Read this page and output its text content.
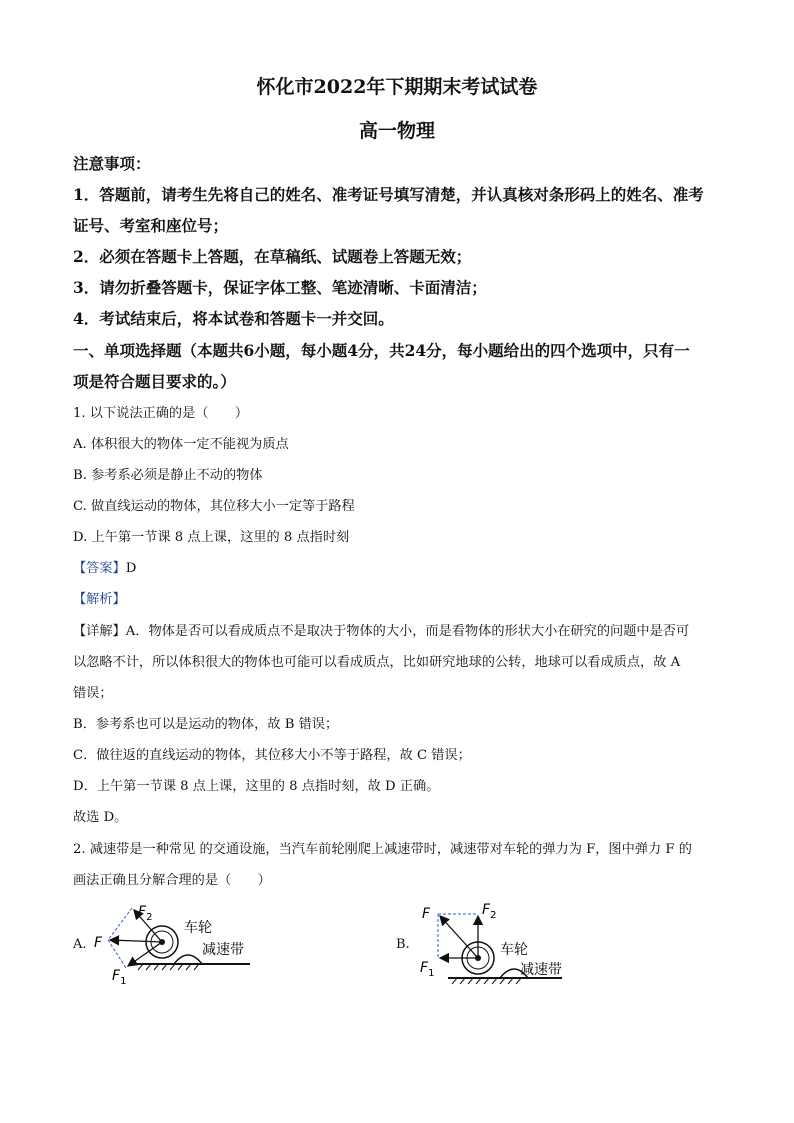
怀化市2022年下期期末考试试卷
高一物理
注意事项：
1．答题前，请考生先将自己的姓名、准考证号填写清楚，并认真核对条形码上的姓名、准考
证号、考室和座位号；
2．必须在答题卡上答题，在草稿纸、试题卷上答题无效；
3．请勿折叠答题卡，保证字体工整、笔迹清晰、卡面清洁；
4．考试结束后，将本试卷和答题卡一并交回。
一、单项选择题（本题共6小题，每小题4分，共24分，每小题给出的四个选项中，只有一
项是符合题目要求的。）
1. 以下说法正确的是（　　）
A. 体积很大的物体一定不能视为质点
B. 参考系必须是静止不动的物体
C. 做直线运动的物体，其位移大小一定等于路程
D. 上午第一节课 8 点上课，这里的 8 点指时刻
【答案】D
【解析】
【详解】A．物体是否可以看成质点不是取决于物体的大小，而是看物体的形状大小在研究的问题中是否可
以忽略不计，所以体积很大的物体也可能可以看成质点，比如研究地球的公转，地球可以看成质点，故 A
错误；
B．参考系也可以是运动的物体，故 B 错误；
C．做往返的直线运动的物体，其位移大小不等于路程，故 C 错误；
D．上午第一节课 8 点上课，这里的 8 点指时刻，故 D 正确。
故选 D。
2. 减速带是一种常见 的交通设施，当汽车前轮刚爬上减速带时，减速带对车轮的弹力为 F，图中弹力 F 的
画法正确且分解合理的是（　　）
A. F
$F_2$
$F_1$
车轮
减速带	B.
F	$F_2$
$F_1$
车轮
减速带
